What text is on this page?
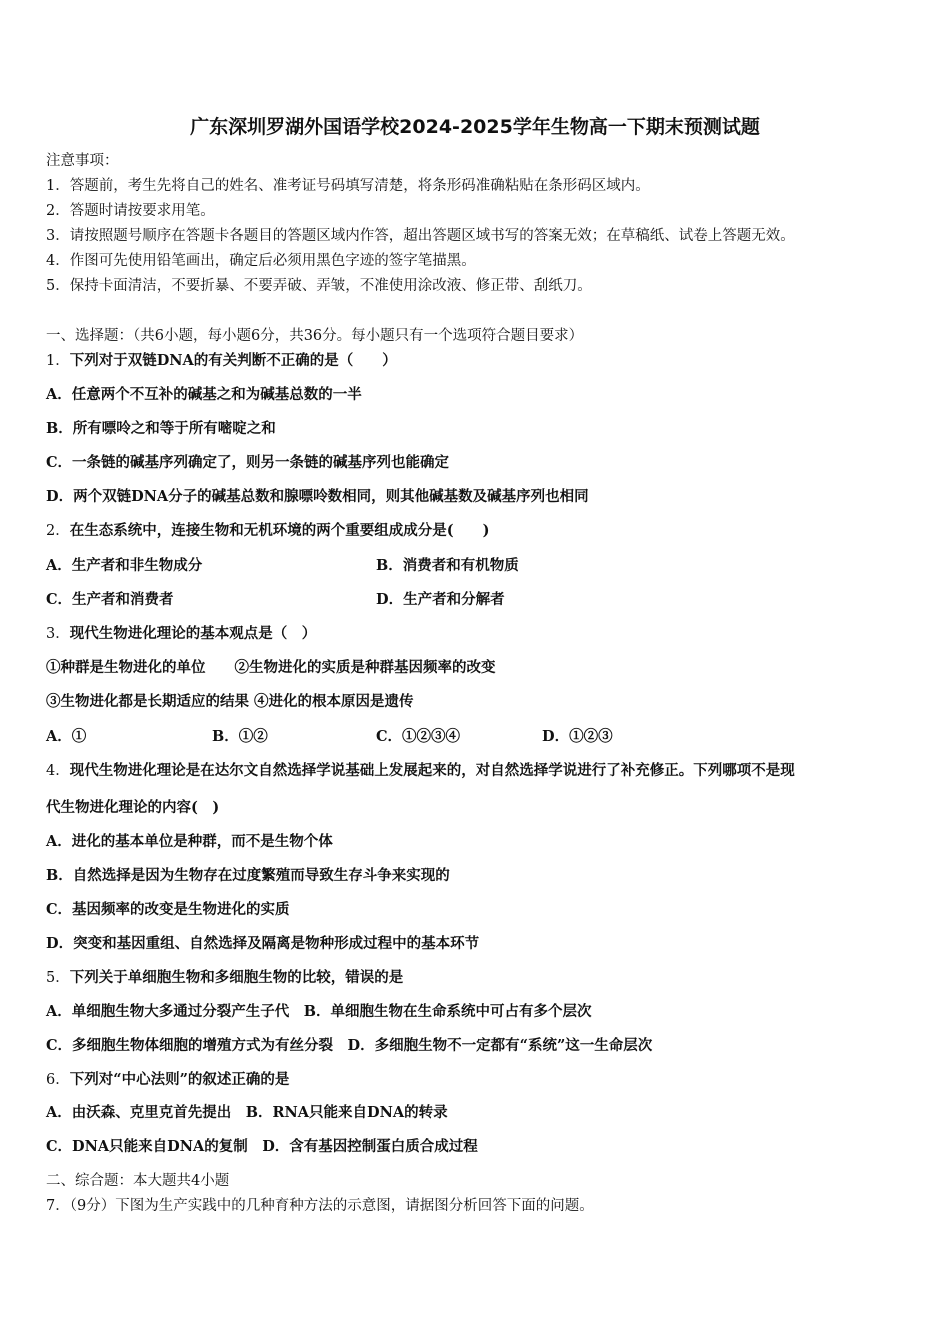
广东深圳罗湖外国语学校2024-2025学年生物高一下期末预测试题
注意事项：
1．答题前，考生先将自己的姓名、准考证号码填写清楚，将条形码准确粘贴在条形码区域内。
2．答题时请按要求用笔。
3．请按照题号顺序在答题卡各题目的答题区域内作答，超出答题区域书写的答案无效；在草稿纸、试卷上答题无效。
4．作图可先使用铅笔画出，确定后必须用黑色字迹的签字笔描黑。
5．保持卡面清洁，不要折暴、不要弄破、弄皱，不准使用涂改液、修正带、刮纸刀。
一、选择题：（共6小题，每小题6分，共36分。每小题只有一个选项符合题目要求）
1．下列对于双链DNA的有关判断不正确的是（　　）
A．任意两个不互补的碱基之和为碱基总数的一半
B．所有嘌呤之和等于所有嘧啶之和
C．一条链的碱基序列确定了，则另一条链的碱基序列也能确定
D．两个双链DNA分子的碱基总数和腺嘌呤数相同，则其他碱基数及碱基序列也相同
2．在生态系统中，连接生物和无机环境的两个重要组成成分是(　　)
A．生产者和非生物成分	B．消费者和有机物质
C．生产者和消费者	D．生产者和分解者
3．现代生物进化理论的基本观点是（　）
①种群是生物进化的单位　　②生物进化的实质是种群基因频率的改变
③生物进化都是长期适应的结果 ④进化的根本原因是遗传
A．①	B．①②	C．①②③④	D．①②③
4．现代生物进化理论是在达尔文自然选择学说基础上发展起来的，对自然选择学说进行了补充修正。下列哪项不是现
代生物进化理论的内容(　)
A．进化的基本单位是种群，而不是生物个体
B．自然选择是因为生物存在过度繁殖而导致生存斗争来实现的
C．基因频率的改变是生物进化的实质
D．突变和基因重组、自然选择及隔离是物种形成过程中的基本环节
5．下列关于单细胞生物和多细胞生物的比较，错误的是
A．单细胞生物大多通过分裂产生子代　B．单细胞生物在生命系统中可占有多个层次
C．多细胞生物体细胞的增殖方式为有丝分裂　D．多细胞生物不一定都有“系统”这一生命层次
6．下列对“中心法则”的叙述正确的是
A．由沃森、克里克首先提出　B．RNA只能来自DNA的转录
C．DNA只能来自DNA的复制　D．含有基因控制蛋白质合成过程
二、综合题：本大题共4小题
7．（9分）下图为生产实践中的几种育种方法的示意图，请据图分析回答下面的问题。
